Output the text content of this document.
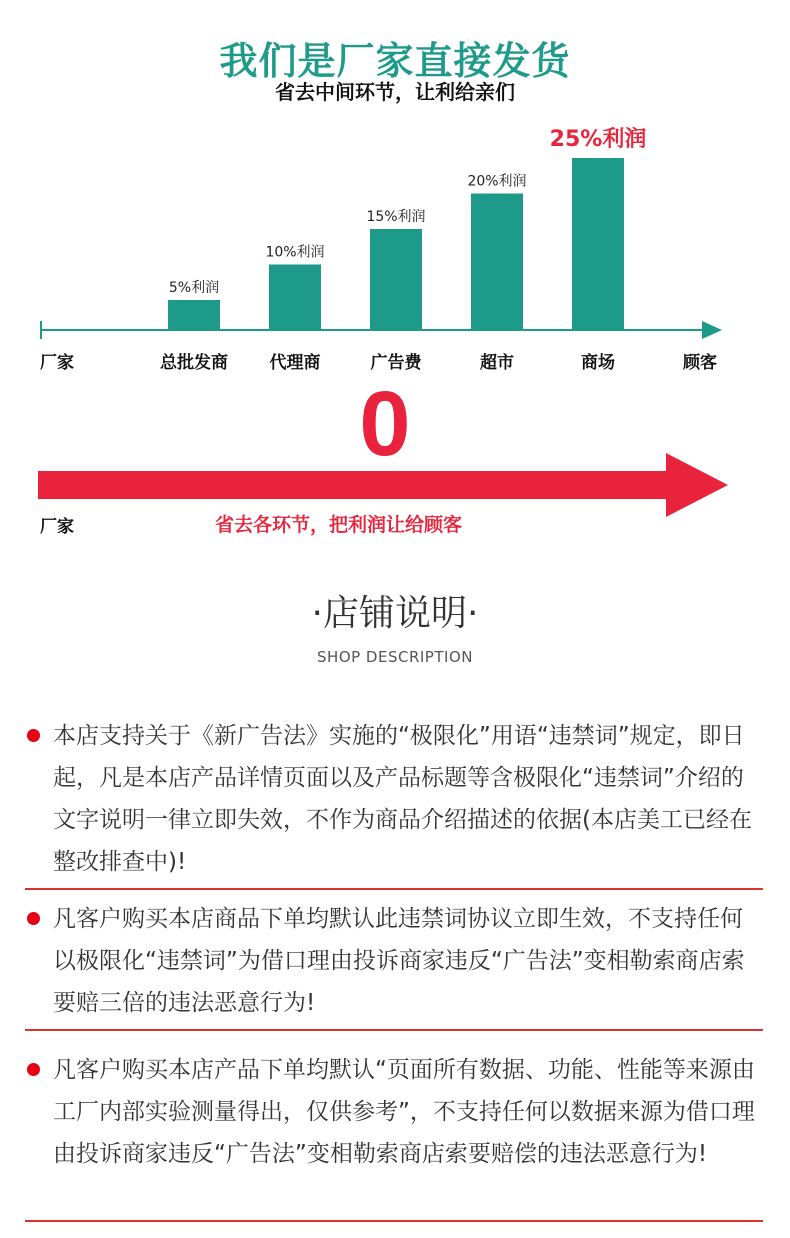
我们是厂家直接发货
省去中间环节，让利给亲们
5%利润
总批发商
10%利润
代理商
15%利润
广告费
20%利润
超市
25%利润
商场
厂家	顾客
0
厂家	省去各环节，把利润让给顾客
·店铺说明·
SHOP DESCRIPTION
本店支持关于《新广告法》实施的“极限化”用语“违禁词”规定，即日起，凡是本店产品详情页面以及产品标题等含极限化“违禁词”介绍的文字说明一律立即失效，不作为商品介绍描述的依据(本店美工已经在整改排查中)!
凡客户购买本店商品下单均默认此违禁词协议立即生效，不支持任何以极限化“违禁词”为借口理由投诉商家违反“广告法”变相勒索商店索要赔三倍的违法恶意行为!
凡客户购买本店产品下单均默认“页面所有数据、功能、性能等来源由工厂内部实验测量得出，仅供参考”，不支持任何以数据来源为借口理由投诉商家违反“广告法”变相勒索商店索要赔偿的违法恶意行为!
